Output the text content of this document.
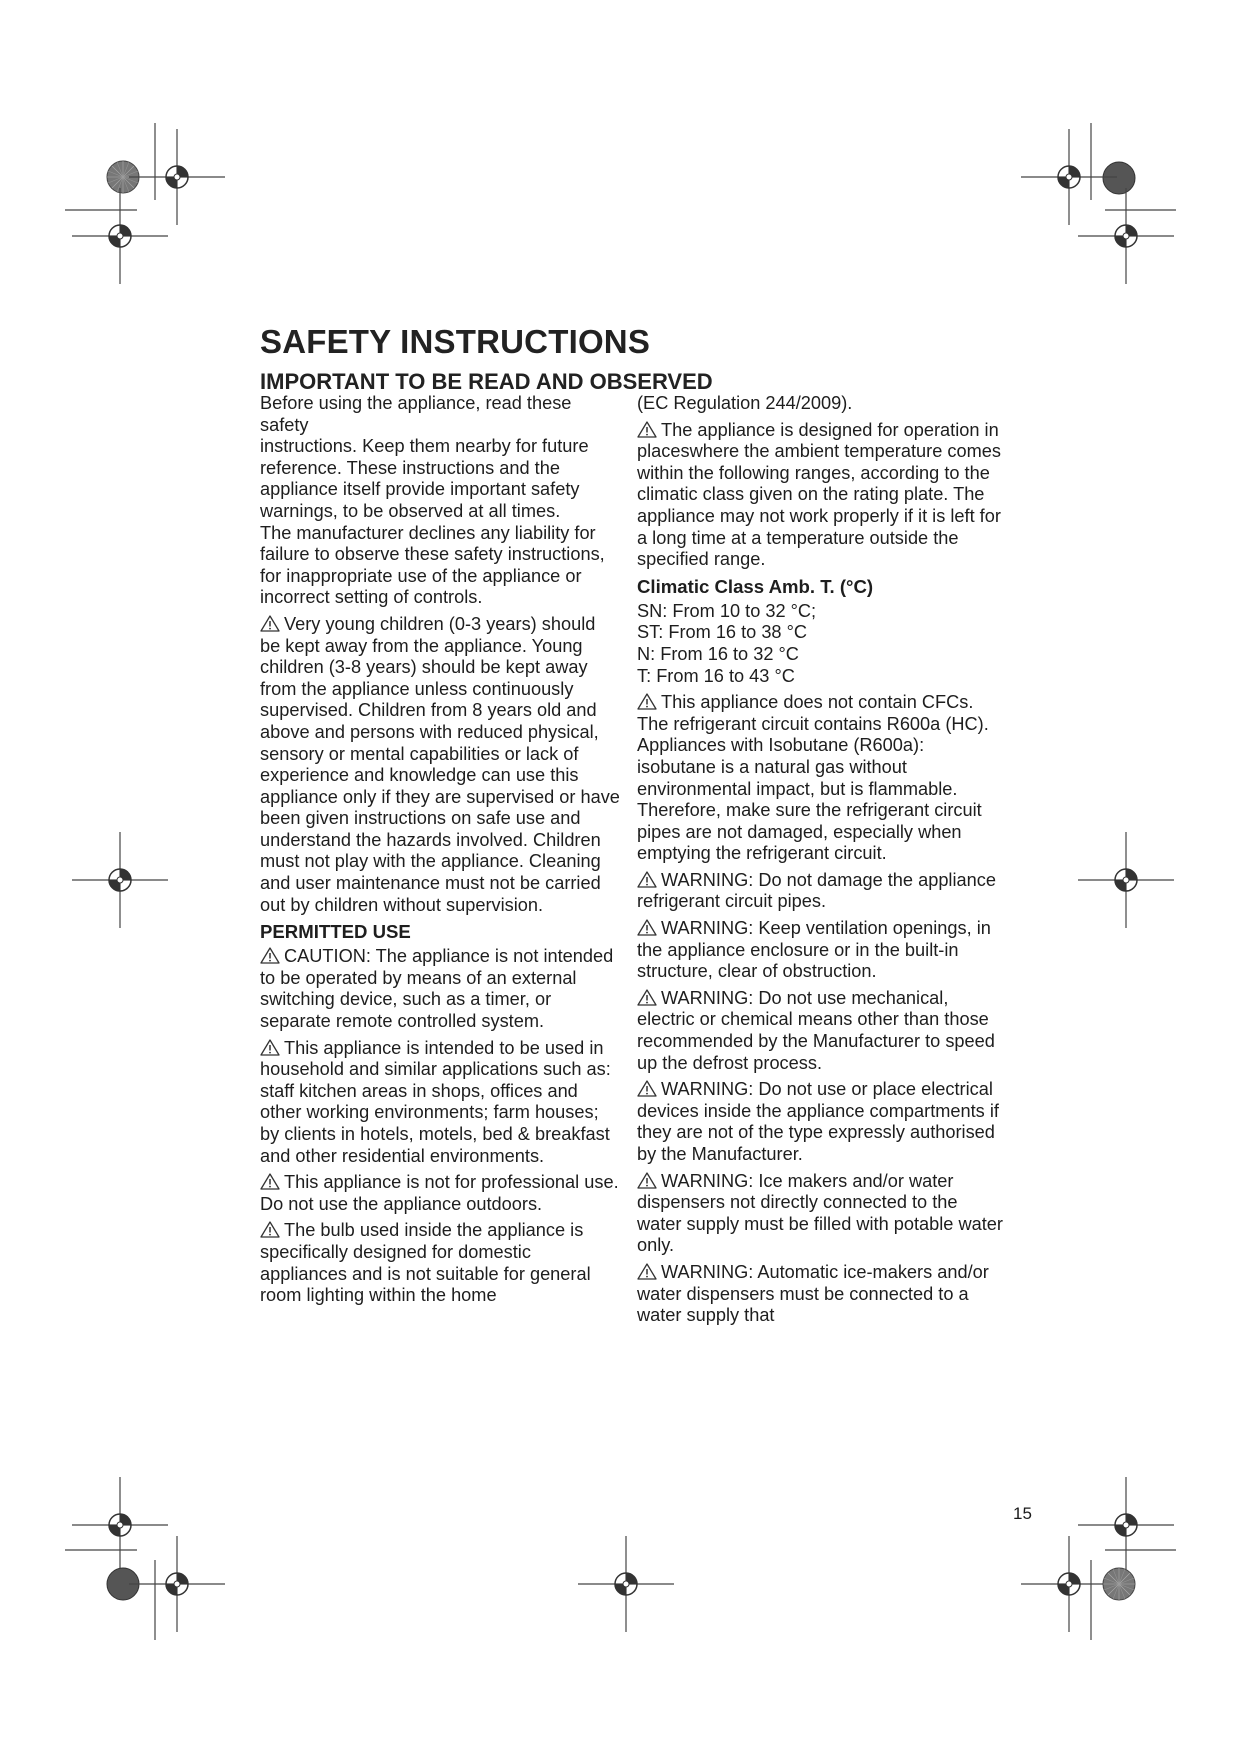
SAFETY INSTRUCTIONS
IMPORTANT TO BE READ AND OBSERVED

Before using the appliance, read these

safety

instructions. Keep them nearby for future reference. These instructions and the appliance itself provide important safety warnings, to be observed at all times.

The manufacturer declines any liability for failure to observe these safety instructions, for inappropriate use of the appliance or incorrect setting of controls.

Very young children (0-3 years) should be kept away from the appliance. Young children (3-8 years) should be kept away from the appliance unless continuously supervised. Children from 8 years old and above and persons with reduced physical, sensory or mental capabilities or lack of experience and knowledge can use this appliance only if they are supervised or have been given instructions on safe use and understand the hazards involved. Children must not play with the appliance. Cleaning and user maintenance must not be carried out by children without supervision.

PERMITTED USE

CAUTION: The appliance is not intended to be operated by means of an external switching device, such as a timer, or separate remote controlled system.

This appliance is intended to be used in household and similar applications such as: staff kitchen areas in shops, offices and other working environments; farm houses; by clients in hotels, motels, bed & breakfast and other residential environments.

This appliance is not for professional use. Do not use the appliance outdoors.

The bulb used inside the appliance is specifically designed for domestic appliances and is not suitable for general room lighting within the home

(EC Regulation 244/2009).

The appliance is designed for operation in placeswhere the ambient temperature comes within the following ranges, according to the climatic class given on the rating plate. The appliance may not work properly if it is left for a long time at a temperature outside the specified range.

Climatic Class Amb. T. (°C)

SN: From 10 to 32 °C;

ST: From 16 to 38 °C

N: From 16 to 32 °C

T: From 16 to 43 °C

This appliance does not contain CFCs. The refrigerant circuit contains R600a (HC). Appliances with Isobutane (R600a): isobutane is a natural gas without environmental impact, but is flammable. Therefore, make sure the refrigerant circuit pipes are not damaged, especially when emptying the refrigerant circuit.

WARNING: Do not damage the appliance refrigerant circuit pipes.

WARNING: Keep ventilation openings, in the appliance enclosure or in the built-in structure, clear of obstruction.

WARNING: Do not use mechanical, electric or chemical means other than those recommended by the Manufacturer to speed up the defrost process.

WARNING: Do not use or place electrical devices inside the appliance compartments if they are not of the type expressly authorised by the Manufacturer.

WARNING: Ice makers and/or water dispensers not directly connected to the water supply must be filled with potable water only.

WARNING: Automatic ice-makers and/or water dispensers must be connected to a water supply that

15
